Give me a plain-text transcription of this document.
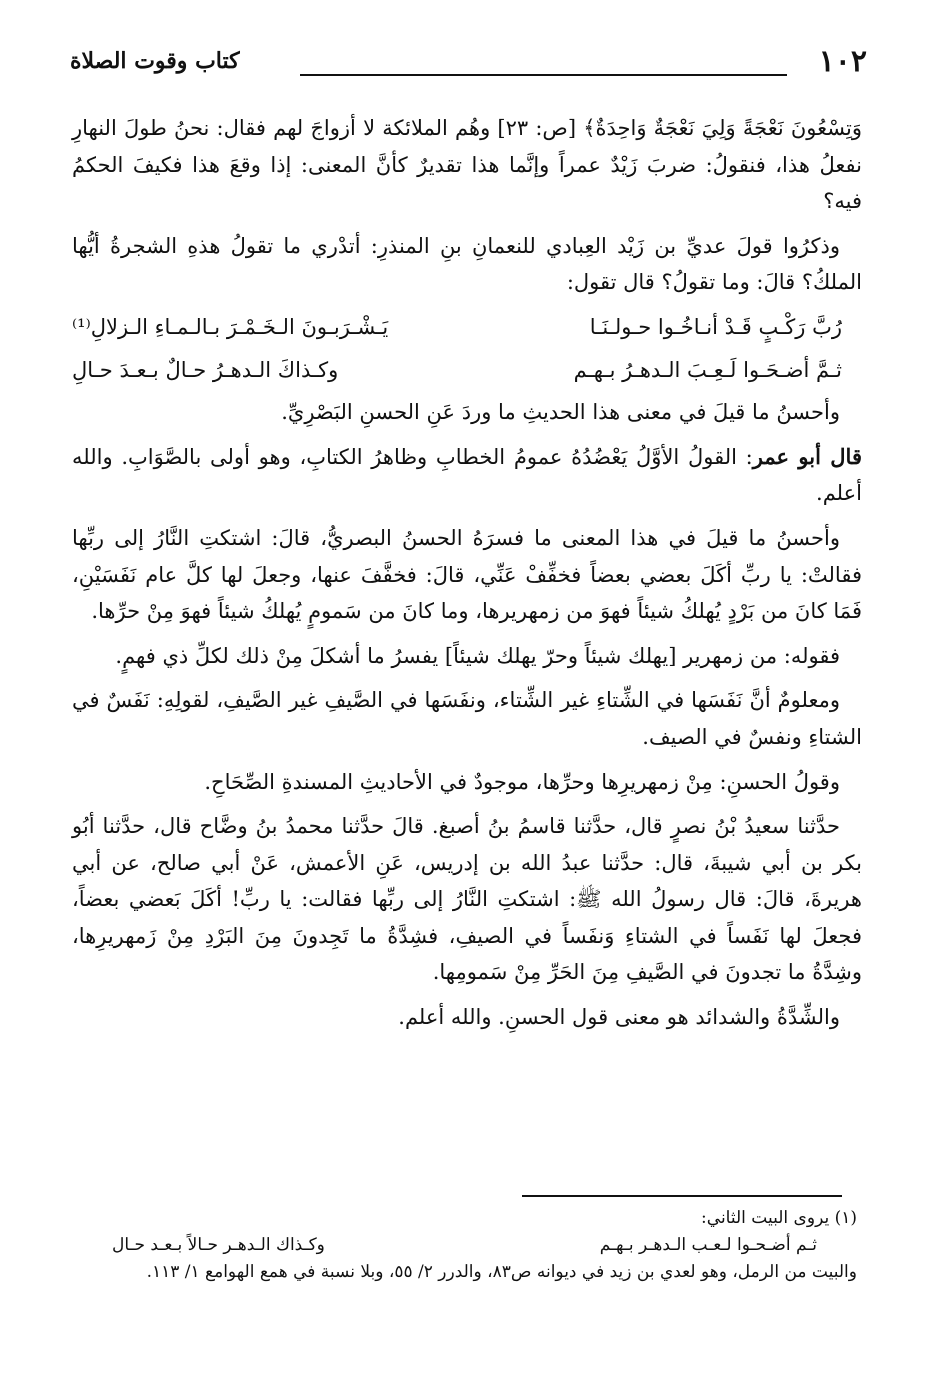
١٠٢
كتاب وقوت الصلاة

وَتِسْعُونَ نَعْجَةً وَلِيَ نَعْجَةٌ وَاحِدَةٌ﴾ [ص: ٢٣] وهُم الملائكة لا أزواجَ لهم فقال: نحنُ طولَ النهارِ نفعلُ هذا، فنقولُ: ضربَ زَيْدٌ عمراً وإنَّما هذا تقديرٌ كأنَّ المعنى: إذا وقعَ هذا فكيفَ الحكمُ فيه؟

وذكرُوا قولَ عديِّ بن زَيْد العِبادي للنعمانِ بنِ المنذرِ: أتدْري ما تقولُ هذهِ الشجرةُ أيُّها الملكُ؟ قالَ: وما تقولُ؟ قال تقول:

رُبَّ رَكْـبٍ قَـدْ أنـاخُـوا حـولـنَـا
يَـشْـرَبـونَ الـخَـمْـرَ بـالـمـاءِ الـزلالِ⁽¹⁾
ثـمَّ أضـحَـوا لَـعِـبَ الـدهـرُ بـهـم
وكـذاكَ الـدهـرُ حـالٌ بـعـدَ حـالِ

وأحسنُ ما قيلَ في معنى هذا الحديثِ ما وردَ عَنِ الحسنِ البَصْرِيِّ.

قال أبو عمر: القولُ الأوَّلُ يَعْضُدُهُ عمومُ الخطابِ وظاهرُ الكتابِ، وهو أولى بالصَّوَابِ. والله أعلم.

وأحسنُ ما قيلَ في هذا المعنى ما فسرَهُ الحسنُ البصريُّ، قالَ: اشتكتِ النَّارُ إلى ربِّها فقالتْ: يا ربِّ أكَلَ بعضي بعضاً فخفِّفْ عَنِّي، قالَ: فخفَّفَ عنها، وجعلَ لها كلَّ عام نَفَسَيْنِ، فَمَا كانَ من بَرْدٍ يُهلكُ شيئاً فهوَ من زمهريرها، وما كانَ من سَمومٍ يُهلكُ شيئاً فهوَ مِنْ حرِّها.

فقوله: من زمهرير [يهلك شيئاً وحرّ يهلك شيئاً] يفسرُ ما أشكلَ مِنْ ذلك لكلِّ ذي فهمٍ.

ومعلومٌ أنَّ نَفَسَها في الشِّتاءِ غير الشِّتاء، ونفَسَها في الصَّيفِ غير الصَّيفِ، لقولِهِ: نَفَسٌ في الشتاءِ ونفسٌ في الصيف.

وقولُ الحسنِ: مِنْ زمهريرِها وحرِّها، موجودٌ في الأحاديثِ المسندةِ الصِّحَاحِ.

حدَّثنا سعيدُ بْنُ نصرٍ قال، حدَّثنا قاسمُ بنُ أصبغ. قالَ حدَّثنا محمدُ بنُ وضَّاح قال، حدَّثنا أبُو بكر بن أبي شيبةَ، قال: حدَّثنا عبدُ الله بن إدريس، عَنِ الأعمش، عَنْ أبي صالح، عن أبي هريرةَ، قالَ: قال رسولُ الله ﷺ: اشتكتِ النَّارُ إلى ربِّها فقالت: يا ربِّ! أكَلَ بَعضي بعضاً، فجعلَ لها نَفَساً في الشتاءِ وَنفَساً في الصيفِ، فشِدَّةُ ما تَجِدونَ مِنَ البَرْدِ مِنْ زَمهريرِها، وشِدَّةُ ما تجدونَ في الصَّيفِ مِنَ الحَرِّ مِنْ سَمومِها.

والشِّدَّةُ والشدائد هو معنى قول الحسنِ. والله أعلم.

(١) يروى البيت الثاني:

ثـم أضـحـوا لـعـب الـدهـر بـهـم
وكـذاك الـدهـر حـالاً بـعـد حـال

والبيت من الرمل، وهو لعدي بن زيد في ديوانه ص٨٣، والدرر ٢/ ٥٥، وبلا نسبة في همع الهوامع ١/ ١١٣.
